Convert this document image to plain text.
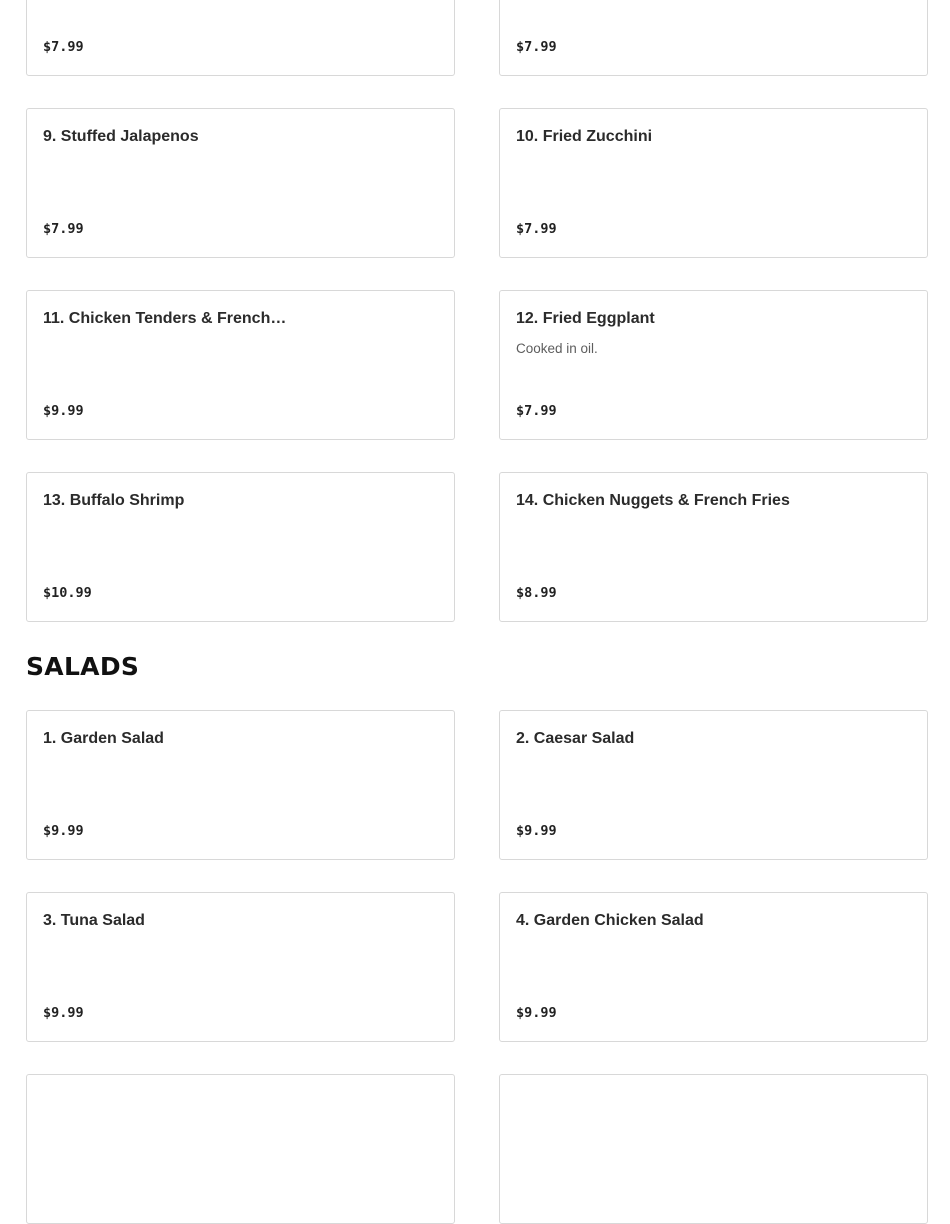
$7.99	$7.99
9. Stuffed Jalapenos
$7.99
10. Fried Zucchini
$7.99
11. Chicken Tenders & French…
$9.99
12. Fried Eggplant
Cooked in oil.
$7.99
13. Buffalo Shrimp
$10.99
14. Chicken Nuggets & French Fries
$8.99
SALADS
1. Garden Salad
$9.99
2. Caesar Salad
$9.99
3. Tuna Salad
$9.99
4. Garden Chicken Salad
$9.99
